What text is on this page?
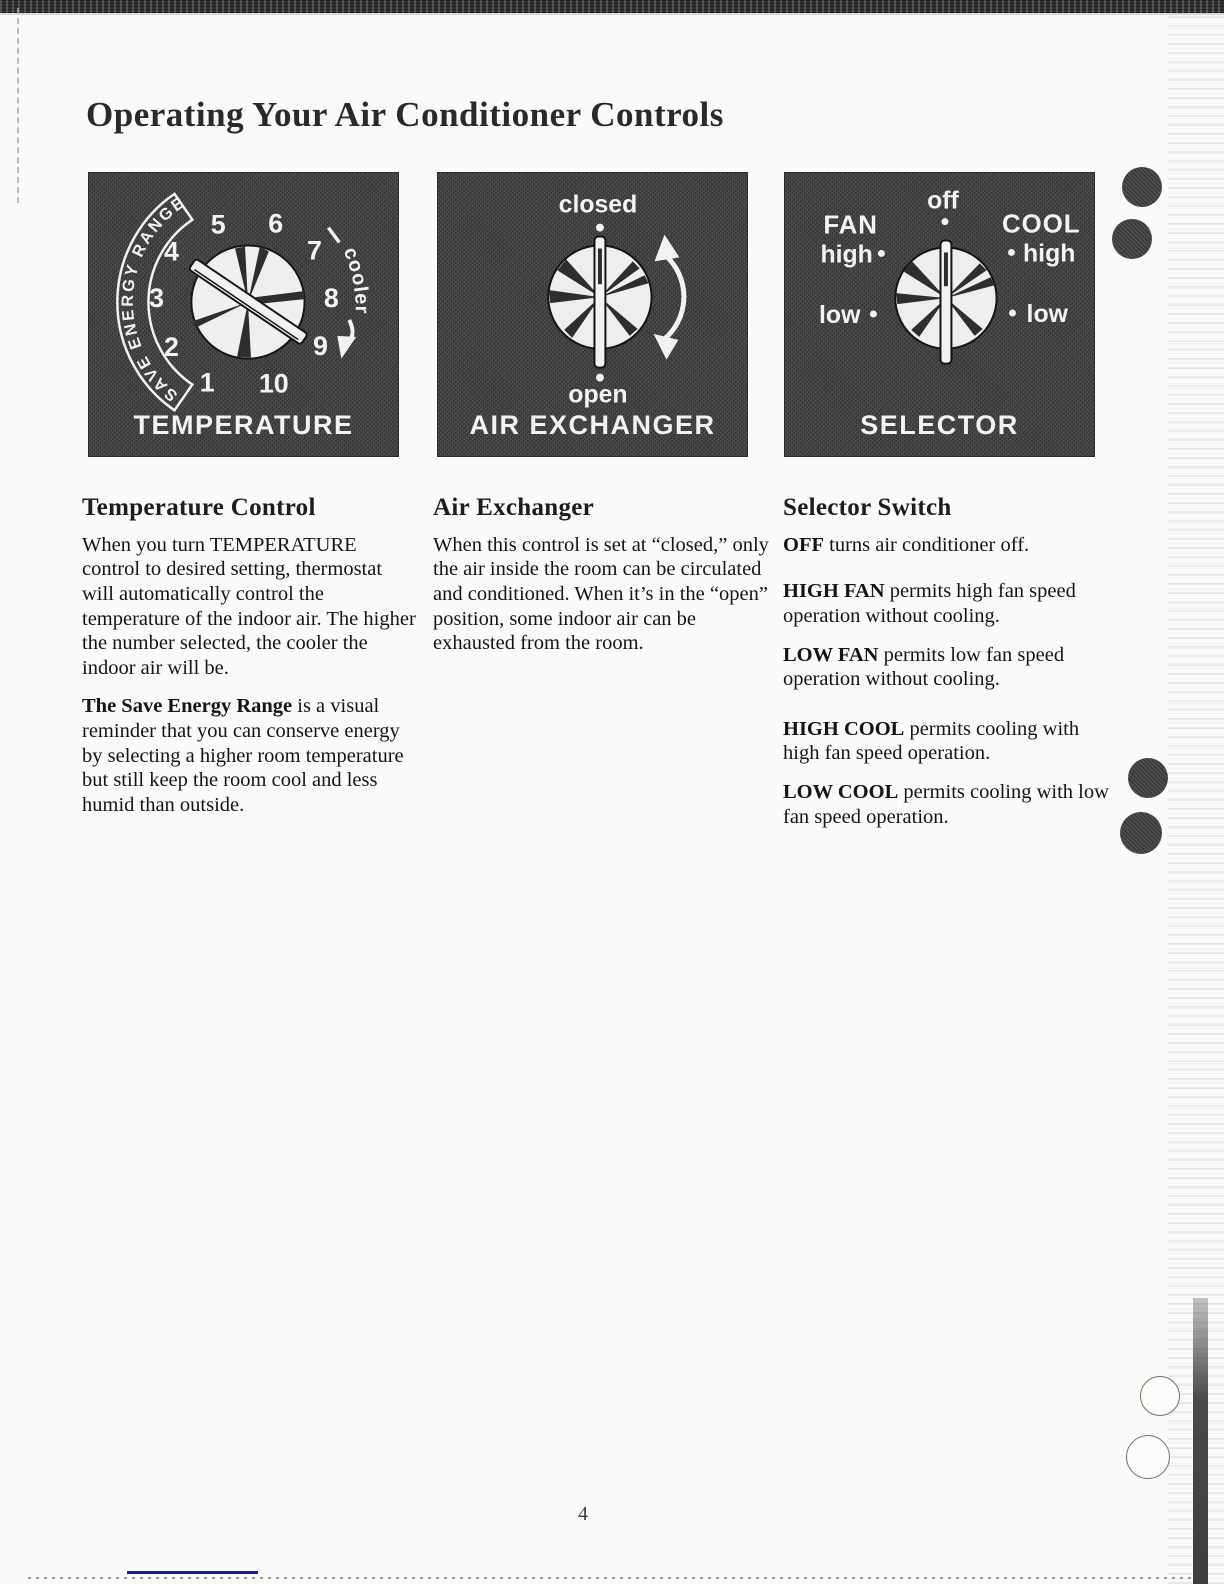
Operating Your Air Conditioner Controls
SAVE ENERGY RANGE
1
2
3
4
5 6
7
8
9
10
cooler
TEMPERATURE
closed
open
AIR EXCHANGER
off
FAN
high
low
COOL
high
low
SELECTOR
Temperature Control

When you turn TEMPERATURE control to desired setting, thermostat will automatically control the temperature of the indoor air. The higher the number selected, the cooler the indoor air will be.

The Save Energy Range is a visual reminder that you can conserve energy by selecting a higher room temperature but still keep the room cool and less humid than outside.

Air Exchanger

When this control is set at “closed,” only the air inside the room can be circulated and conditioned. When it’s in the “open” position, some indoor air can be exhausted from the room.

Selector Switch

OFF turns air conditioner off.

HIGH FAN permits high fan speed operation without cooling.

LOW FAN permits low fan speed operation without cooling.

HIGH COOL permits cooling with high fan speed operation.

LOW COOL permits cooling with low fan speed operation.

4
